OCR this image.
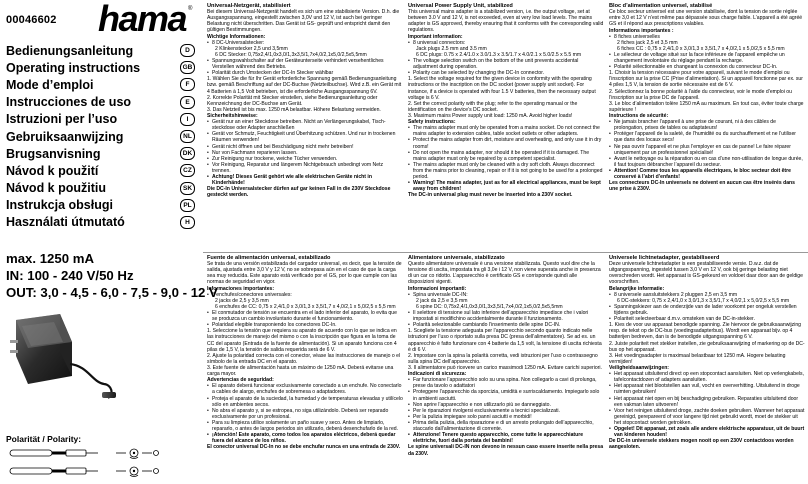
00046602 hama ®
Bedienungsanleitung	D
Operating instructions	GB
Mode d’emploi	F
Instrucciones de uso	E
Istruzioni per l’uso	I
Gebruiksaanwijzing	NL
Brugsanvisning	DK
Návod k použití	CZ
Návod k použitiu	SK
Instrukcja obsługi	PL
Használati útmutató	H
max. 1250 mA
IN: 100 - 240 V/50 Hz
OUT: 3,0 - 4,5 - 6,0 - 7,5 - 9,0 - 12 V
Polarität / Polarity:
Universal-Netzgerät, stabilisiert

Bei diesem Universal-Netzgerät handelt es sich um eine stabilisierte Version. D.h. die Ausgangsspannung, eingestellt zwischen 3,0V und 12 V, ist auch bei geringer Belastung nicht überschritten. Das Gerät ist GS- geprüft und entspricht damit den gültigen Bestimmungen.

Wichtige Informationen:

• 8 DC-Universalstecker:
2 Klinkenstecker 2,5 und 3,5mm
6 DC Stecker: 0,75x2,4/1,0x3,0/1,3x3,5/1,7x4,0/2,1x5,0/2,5x5,5mm
• Spannungswahlschalter auf der Geräteunterseite verhindert versehentliches Verstellen während des Betriebs.
• Polarität durch Umstecken der DC-In Stecker wählbar
1. Wählen Sie die für Ihr Gerät erforderliche Spannung gemäß Bedienungsanleitung bzw. gemäß Beschriftung auf der DC-Buchse (Netzteilbuchse). Wird z.B. ein Gerät mit 4 Batterien à 1,5 Volt betrieben, ist die erforderliche Ausgangsspannung 6V.
2. Korrekte Polarität mit Stecker einstellen, siehe Bedienungsanleitung oder Kennzeichnung der DC-Buchse am Gerät.
3. Das Netzteil ist bis max. 1250 mA belastbar. Höhere Belastung vermeiden.

Sicherheitshinweise:

• Gerät nur an einer Steckdose betreiben. Nicht an Verlängerungskabel, Tisch-steckdose oder Adapter anschließen
• Gerät vor Schmutz, Feuchtigkeit und Überhitzung schützen. Und nur in trockenen Räumen verwenden!
• Gerät nicht öffnen und bei Beschädigung nicht mehr betreiben!
• Nur von Fachmann reparieren lassen.
• Zur Reinigung nur trockene, weiche Tücher verwenden.
• Vor Reinigung, Reparatur und längerem Nichtgebrauch unbedingt vom Netz trennen.
• Achtung! Dieses Gerät gehört wie alle elektrischen Geräte nicht in Kinderhände!

Die DC-In Universalstecker dürfen auf gar keinen Fall in die 230V Steckdose gesteckt werden.

Universal Power Supply Unit, stabilized

This universal mains adapter is a stabilized version, i.e. the output voltage, set at between 3.0 V and 12 V, is not exceeded, even at very low load levels. The mains adapter is GS approved, thereby ensuring that it conforms with the corresponding valid regulations.

Important information:

• 8 universal connectors:
Jack plugs 2.5 mm and 3.5 mm
6 DC plugs: 0.75 x 2.4/1.0 x 3.0/1.3 x 3.5/1.7 x 4.0/2.1 x 5.0/2.5 x 5.5 mm
• The voltage selection switch on the bottom of the unit prevents accidental adjustment during operation.
• Polarity can be selected by changing the DC-In connector.
1. Select the voltage required for the given device in conformity with the operating instructions or the inscription on the DC socket (power supply unit socket). For instance, if a device is operated with four 1.5 V batteries, then the necessary output voltage is 6 V.
2. Set the correct polarity with the plug; refer to the operating manual or the identification on the device’s DC socket.
3. Maximum mains Power supply unit load: 1250 mA. Avoid higher loads!

Safety instructions:

• The mains adapter must only be operated from a mains socket. Do not connect the mains adapter to extension cables, table socket outlets or other adapters.
• Protect the mains adapter from dirt, moisture and overheating, and only use it in dry rooms!
• Do not open the mains adapter, nor should it be operated if it is damaged. The mains adapter must only be repaired by a competent specialist.
• The mains adapter must only be cleaned with a dry soft cloth. Always disconnect from the mains prior to cleaning, repair or if it is not going to be used for a prolonged period.
• Warning! The mains adapter, just as for all electrical appliances, must be kept away from children!

The DC-in universal plug must never be inserted into a 230V socket.

Bloc d’alimentation universel, stabilisé

Ce bloc secteur universel est une version stabilisée, dont la tension de sortie réglée entre 3,0 et 12 V n’est même pas dépassée sous charge faible. L’appareil a été agréé GS et il répond aux prescriptions valables.

Informations importantes :

• 8 fiches universelles
2 fiches jack 2,5 et 3,5 mm
6 fiches CC : 0,75 x 2,4/1,0 x 3,0/1,3 x 3,5/1,7 x 4,0/2,1 x 5,0/2,5 x 5,5 mm
• Le sélecteur de voltage situé sur la face inférieure de l’appareil empêche un changement involontaire du réglage pendant la recharge.
• Polarité sélectionnable en changeant la connexion du connecteur DC-In.
1. Choisir la tension nécessaire pour votre appareil, suivant le mode d’emploi ou l’inscription sur la prise CC (Prise d’alimentation). Si un appareil fonctionne par ex. sur 4 piles 1,5 V, la tension de sortie nécessaire est de 6 V.
2. Sélectionnez la bonne polarité à l’aide du connecteur, voir le mode d’emploi ou l’inscription sur la prise DC de l’appareil.
3. Le bloc d’alimentation tolère 1250 mA au maximum. En tout cas, éviter toute charge supérieure !

Instructions de sécurité:

• Ne jamais brancher l’appareil à une prise de courant, ni à des câbles de prolongation, prises de tables ou adaptateurs!
• Protéger l’appareil de la saleté, de l’humidité ou du surchauffement et ne l’utiliser que dans des locaux secs!
• Ne pas ouvrir l’appareil et ne plus l’employer en cas de panne! Le faire réparer uniquement par un professionnel spécialisé!
• Avant le nettoyage ou la réparation ou en cas d’une non-utilisation de longue durée, il faut toujours débrancher l’appareil du secteur.
• Attention! Comme tous les appareils électriques, le bloc secteur doit être conservé à l’abri d’enfants!

Les connecteurs DC-In universels ne doivent en aucun cas être insérés dans une prise à 230V.

Fuente de alimentación universal, estabilizado

Se trata de una versión estabilizada del cargador universal, es decir, que la tensión de salida, ajustada entre 3,0 V y 12 V, no se sobrepasa aún en el caso de que la carga sea muy reducida. Este aparato está verificado por el GS, por lo que cumple con las normas de seguridad en vigor.

Informaciones importantes:

• 8 enchufes/conectores universales:
2 jacks de 2,5 y 3,5 mm
6 enchufes de CC: 0,75 x 2,4/1,0 x 3,0/1,3 x 3,5/1,7 x 4,0/2,1 x 5,0/2,5 x 5,5 mm
• El conmutador de tensión se encuentra en el lado inferior del aparato, lo evita que se produzca un cambio involuntario durante el funcionamiento.
• Polaridad elegible transponiendo los conectores DC-In.
1. Seleccione la tensión que requiera su aparato de acuerdo con lo que se indica en las instrucciones de manejo del mismo o con la inscripción que figura en la toma de CC del aparato (Entrada de la fuente de alimentación). Si un aparato funciona con 4 pilas de 1,5 V, la tensión de salida requerida será de 6 V.
2. Ajuste la polaridad correcta con el conector, véase las instrucciones de manejo o el símbolo de la entrada DC en el aparato.
3. Este fuente de alimentación hasta un máximo de 1250 mA. Deberá evitarse una carga mayor.

Advertencias de seguridad:

• El aparato deberá funcionar exclusivamente conectado a un enchufe. No conectarlo a cables de alargo, enchufes de sobremesa o adaptadores.
• Proteja el aparato de la suciedad, la humedad y de temperaturas elevadas y utilícelo sólo en ambientes secos.
• No abra el aparato y, si se estropea, no siga utilizándolo. Deberá ser reparado exclusivamente por un profesional.
• Para su limpieza utilice solamente un paño suave y seco. Antes de limpiarlo, repararlo, o antes de largos periodos sin utilizarlo, deberá desenchufarlo de la red.
• ¡Atención! Este aparato, como todos los aparatos eléctricos, deberá quedar fuera del alcance de los niños.

El conector universal DC-In no se debe enchufar nunca en una entrada de 230V.

Alimentatore universale, stabilizzato

Questo alimentatore universale è una versione stabilizzata. Questo vuol dire che la tensione di uscita, impostata tra gli 3,0e i 12 V, non viene superata anche in presenza di un car co ridotto. L’apparecchio è certificato GS e corrisponde quindi alle disposizioni vigenti.

Informazioni importanti:

• Spina universale DC-IN:
2 jack da 2,5 e 3,5 mm
6 spine DC: 0,75x2,4/1,0x3,0/1,3x3,5/1,7x4,0/2,1x5,0/2,5x5,5mm
• Il selettore di tensione sul lato inferiore dell’apparecchio impedisce che i valori impostati si modifichino accidentalmente durante il funzionamento.
• Polarità selezionabile cambiando l’inserimento delle spine DC-IN.
1. Scegliete la tensione adeguata per l’apparecchio secondo quanto indicato nelle istruzioni per l’uso o riportato sulla presa DC (presa dell’alimentatore). Se ad es. un apparecchio è fatto funzionare con 4 batterie da 1,5 volt, la tensione di uscita richiesta è di 6 V.
2. Impostare con la spina la polarità corretta, vedi istruzioni per l’uso o contrassegno sulla spina DC dell’apparecchio.
3. Il alimentatore può ricevere un carico massimodi 1250 mA. Evitare carichi superiori.

Indicazioni di sicurezza:

• Far funzionare l’apparecchio solo su una spina. Non collegarlo a cavi di prolunga, prese da tavolo o adattatori
• Proteggere l’apparecchio da sporcizia, umidità e surriscaldamento. Impiegarlo solo in ambienti asciutti.
• Non aprire l’apparecchio e non utilizzarlo più se danneggiato.
• Per le riparazioni rivolgersi esclusivamente a tecnici specializzati.
• Per la pulizia impiegare solo panni asciutti e morbidi!
• Prima della pulizia, della riparazione e di un arresto prolungato dell’apparecchio, staccarlo dall’alimentazione di corrente.
• Attenzione! Tenere questo apparecchio, come tutte le apparecchiature elettriche, fuori dalla portata dei bambini!

Le spine universali DC-IN non devono in nessun caso essere inserite nella presa da 230V.

Universele lichtnetadapter, gestabiliseerd

Deze universele lichtnetadapter is een gestabiliseerde versie. D.w.z. dat de uitgangsspanning, ingesteld tussen 3,0 V en 12 V, ook bij geringe belasting niet overschreden wordt. Het apparaat is GS-gekeurd en voldoet daar door aan de geldige voorschriften.

Belangrijke informatie:

• 8 universele aansluitstekkers 2 pluggen 2,5 en 3,5 mm
6 DC-stekkers: 0,75 x 2,4/1,0 x 3,0/1,3 x 3,5/1,7 x 4,0/2,1 x 5,0/2,5 x 5,5 mm
• Spanningskiezer aan de onderzijde van de lader voorkomt per ongeluk verstellen tijdens gebruik.
• Polariteit selecteerbaar d.m.v. omsteken van de DC-in-stekker.
1. Kies de voor uw apparaat benodigde spanning. Zie hiervoor de gebruiksaanwijzing resp. de tekst op de DC-bus (voedingsadapterbus). Wordt een apparaat bijv. op 4 batterijen bedreven, dan is de benodigde uitgangsspanning 6 V.
2. Juiste polariteit met stekker instellen, zie gebruiksaanwijzing of markering op de DC-bus op het apparaat.
3. Het voedingsadapter is maximaal belastbaar tot 1250 mA. Hogere belasting vermijden!

Veiligheidsaanwijzingen:

• Het apparaat uitsluitend direct op een stopcontact aansluiten. Niet op verlengkabels, tafelcontactdozen of adapters aansluiten.
• Het apparaat niet blootstellen aan vuil, vocht en oververhitting. Uitsluitend in droge ruimten gebruiken!
• Het apparaat niet open en bij beschadiging gebruiken. Reparaties uitsluitend door een vakman laten uitvoeren!
• Voor het reinigen uitsluitend droge, zachte doeken gebruiken. Wanneer het apparaat gereinigd, gerepareerd of voor langere tijd niet gebruikt wordt, moet de stekker uit het stopcontact worden getrokken.
• Opgelet! Dit apparaat, zet zoals alle andere elektrische apparatuur, uit de buurt van kinderen houden!

De DC-in universele stekkers mogen nooit op een 230V contactdoos worden aangesloten.
